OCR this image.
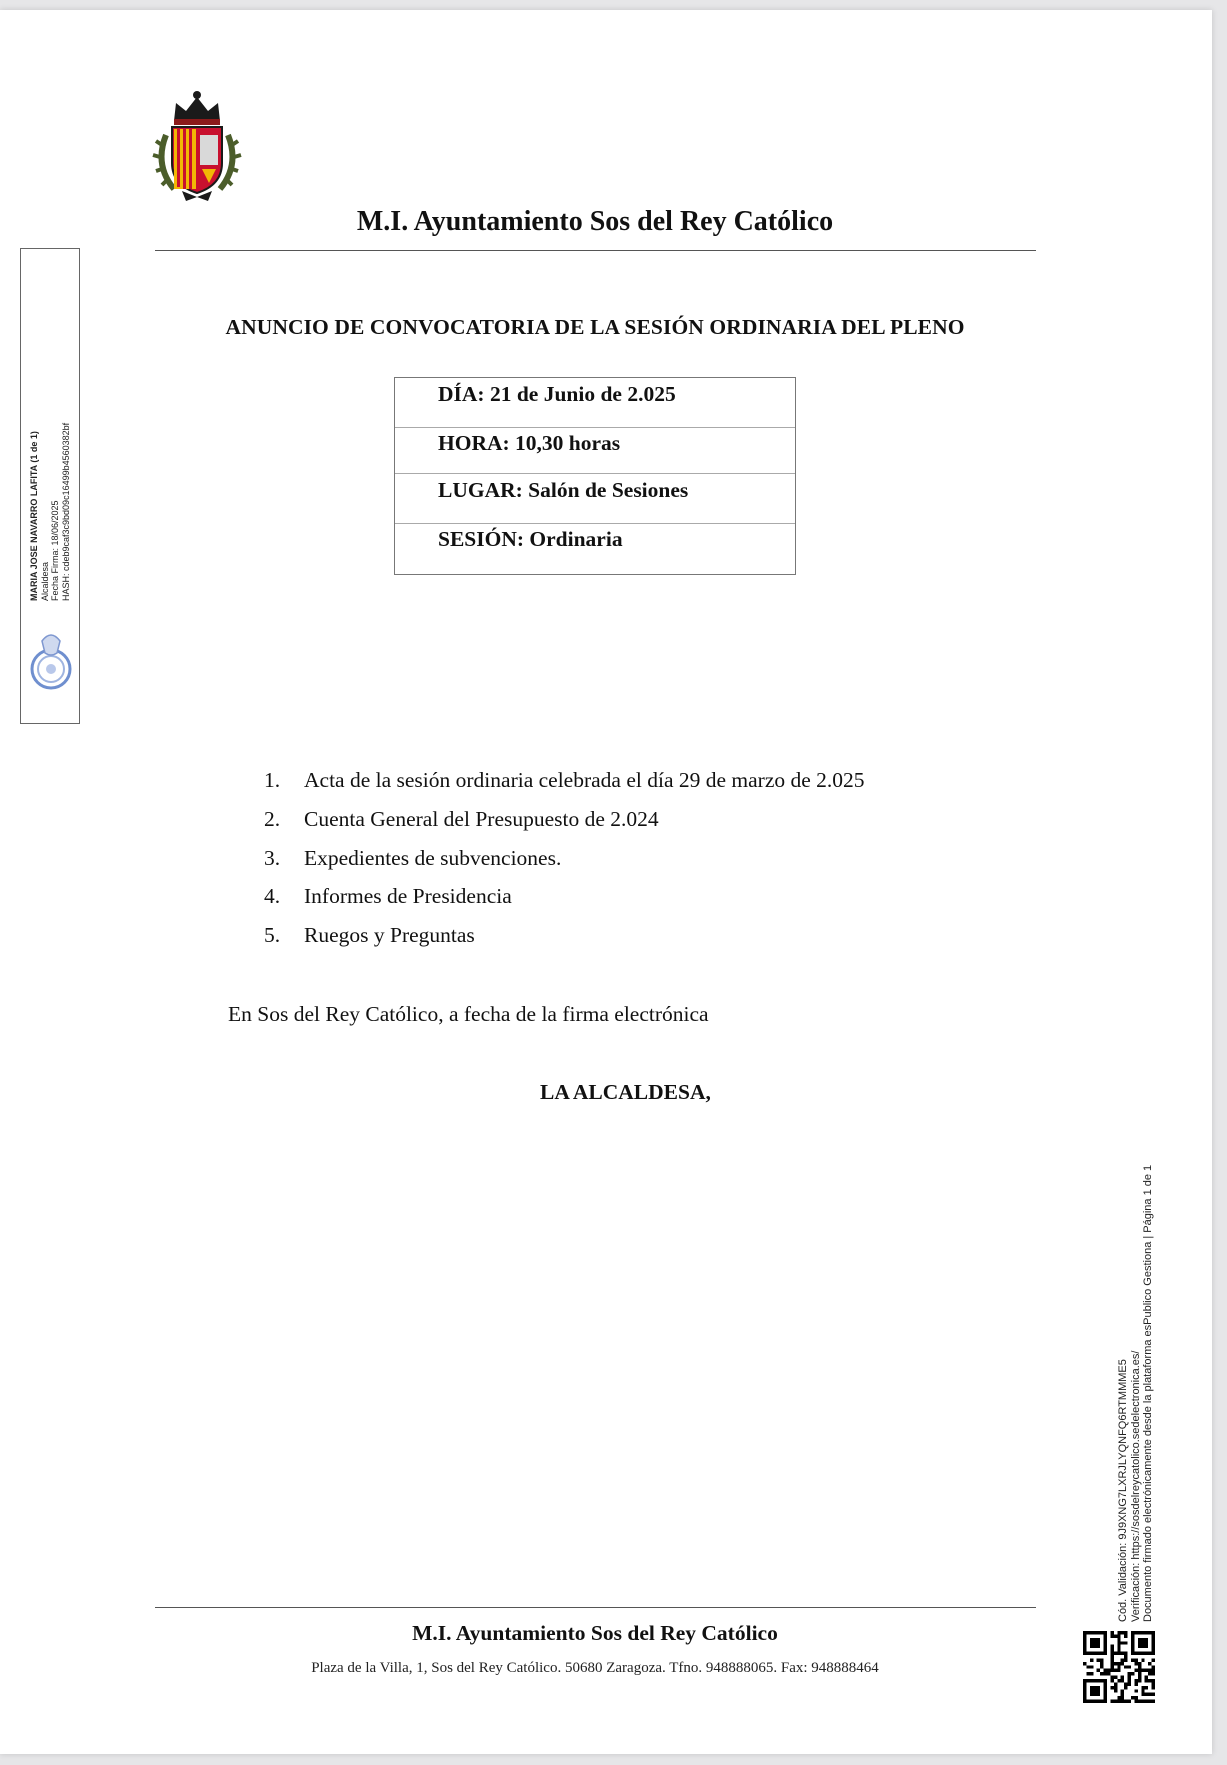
M.I. Ayuntamiento Sos del Rey Católico
ANUNCIO DE CONVOCATORIA DE LA SESIÓN ORDINARIA DEL PLENO
DÍA: 21 de Junio de 2.025
HORA: 10,30 horas
LUGAR: Salón de Sesiones
SESIÓN: Ordinaria
1.	Acta de la sesión ordinaria celebrada el día 29 de marzo de 2.025
2.	Cuenta General del Presupuesto de 2.024
3.	Expedientes de subvenciones.
4.	Informes de Presidencia
5.	Ruegos y Preguntas
En Sos del Rey Católico, a fecha de la firma electrónica
LA ALCALDESA,
MARIA JOSE NAVARRO LAFITA (1 de 1) Alcaldesa Fecha Firma: 18/06/2025 HASH: cdeb9caf3c9bd09c16499b4560382bf
Cód. Validación: 9J9XNG7LXRJLYQNFQ6RTMMME5 Verificación: https://sosdelreycatolico.sedelectronica.es/ Documento firmado electrónicamente desde la plataforma esPublico Gestiona | Página 1 de 1
M.I. Ayuntamiento Sos del Rey Católico
Plaza de la Villa, 1, Sos del Rey Católico. 50680 Zaragoza. Tfno. 948888065. Fax: 948888464
